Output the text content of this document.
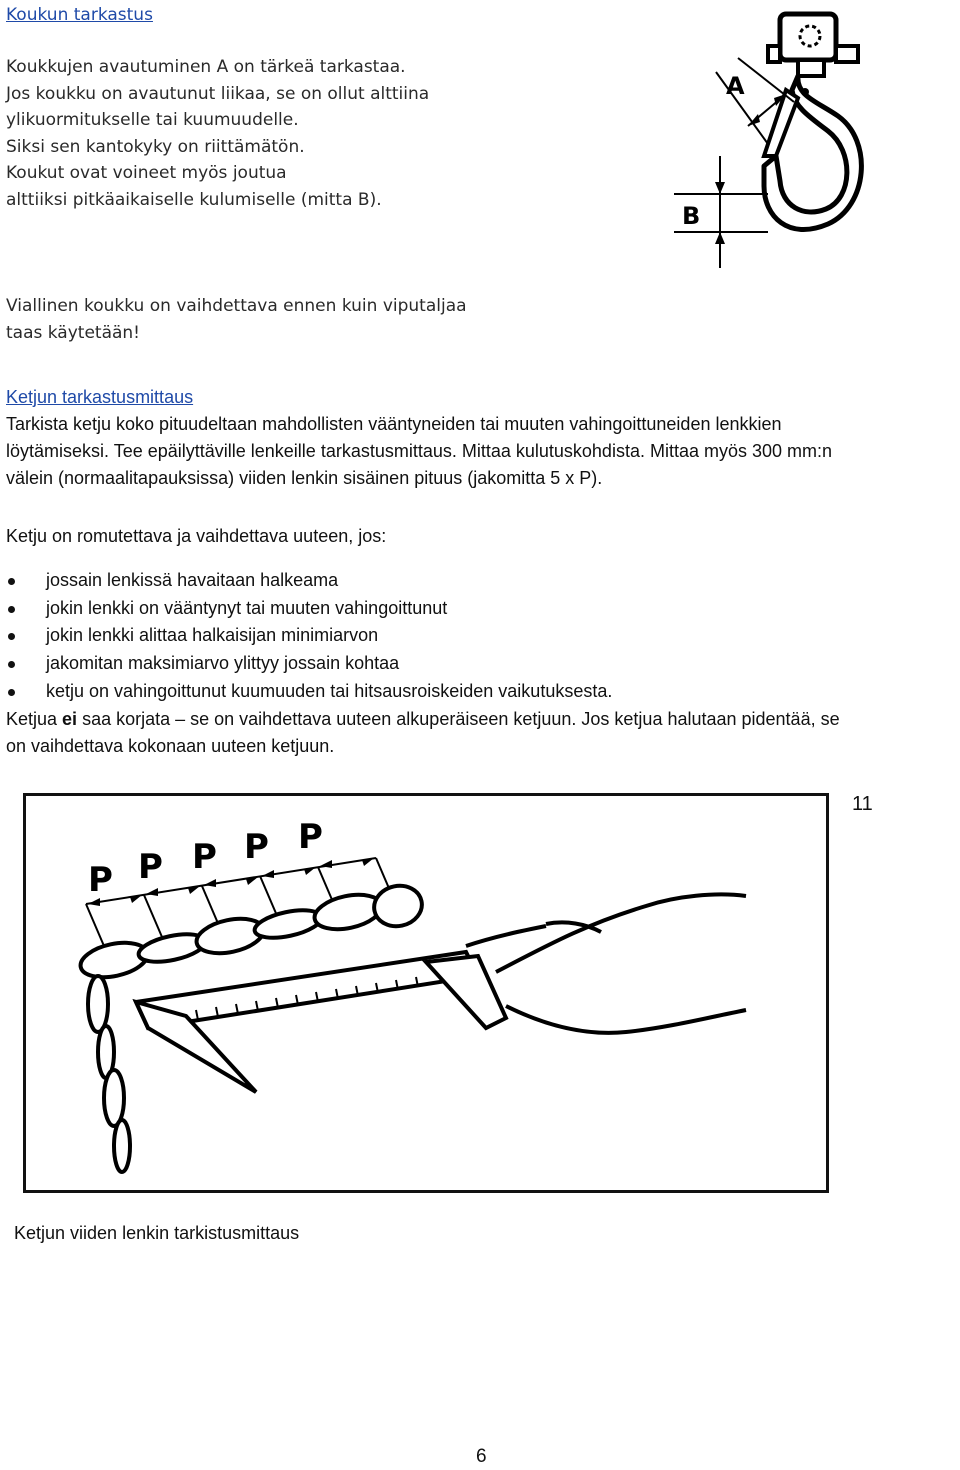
Koukun tarkastus
Koukkujen avautuminen A on tärkeä tarkastaa.
Jos koukku on avautunut liikaa, se on ollut alttiina
ylikuormitukselle tai kuumuudelle.
Siksi sen kantokyky on riittämätön.
Koukut ovat voineet myös joutua
alttiiksi pitkäaikaiselle kulumiselle (mitta B).
Viallinen koukku on vaihdettava ennen kuin viputaljaa
taas käytetään!
A
B
Ketjun tarkastusmittaus
Tarkista ketju koko pituudeltaan mahdollisten vääntyneiden tai muuten vahingoittuneiden lenkkien
löytämiseksi. Tee epäilyttäville lenkeille tarkastusmittaus. Mittaa kulutuskohdista. Mittaa myös 300 mm:n
välein (normaalitapauksissa) viiden lenkin sisäinen pituus (jakomitta 5 x P).
Ketju on romutettava ja vaihdettava uuteen, jos:
jossain lenkissä havaitaan halkeama
jokin lenkki on vääntynyt tai muuten vahingoittunut
jokin lenkki alittaa halkaisijan minimiarvon
jakomitan maksimiarvo ylittyy jossain kohtaa
ketju on vahingoittunut kuumuuden tai hitsausroiskeiden vaikutuksesta.
Ketjua ei saa korjata – se on vaihdettava uuteen alkuperäiseen ketjuun. Jos ketjua halutaan pidentää, se
on vaihdettava kokonaan uuteen ketjuun.
P P P P P
11
Ketjun viiden lenkin tarkistusmittaus
6
